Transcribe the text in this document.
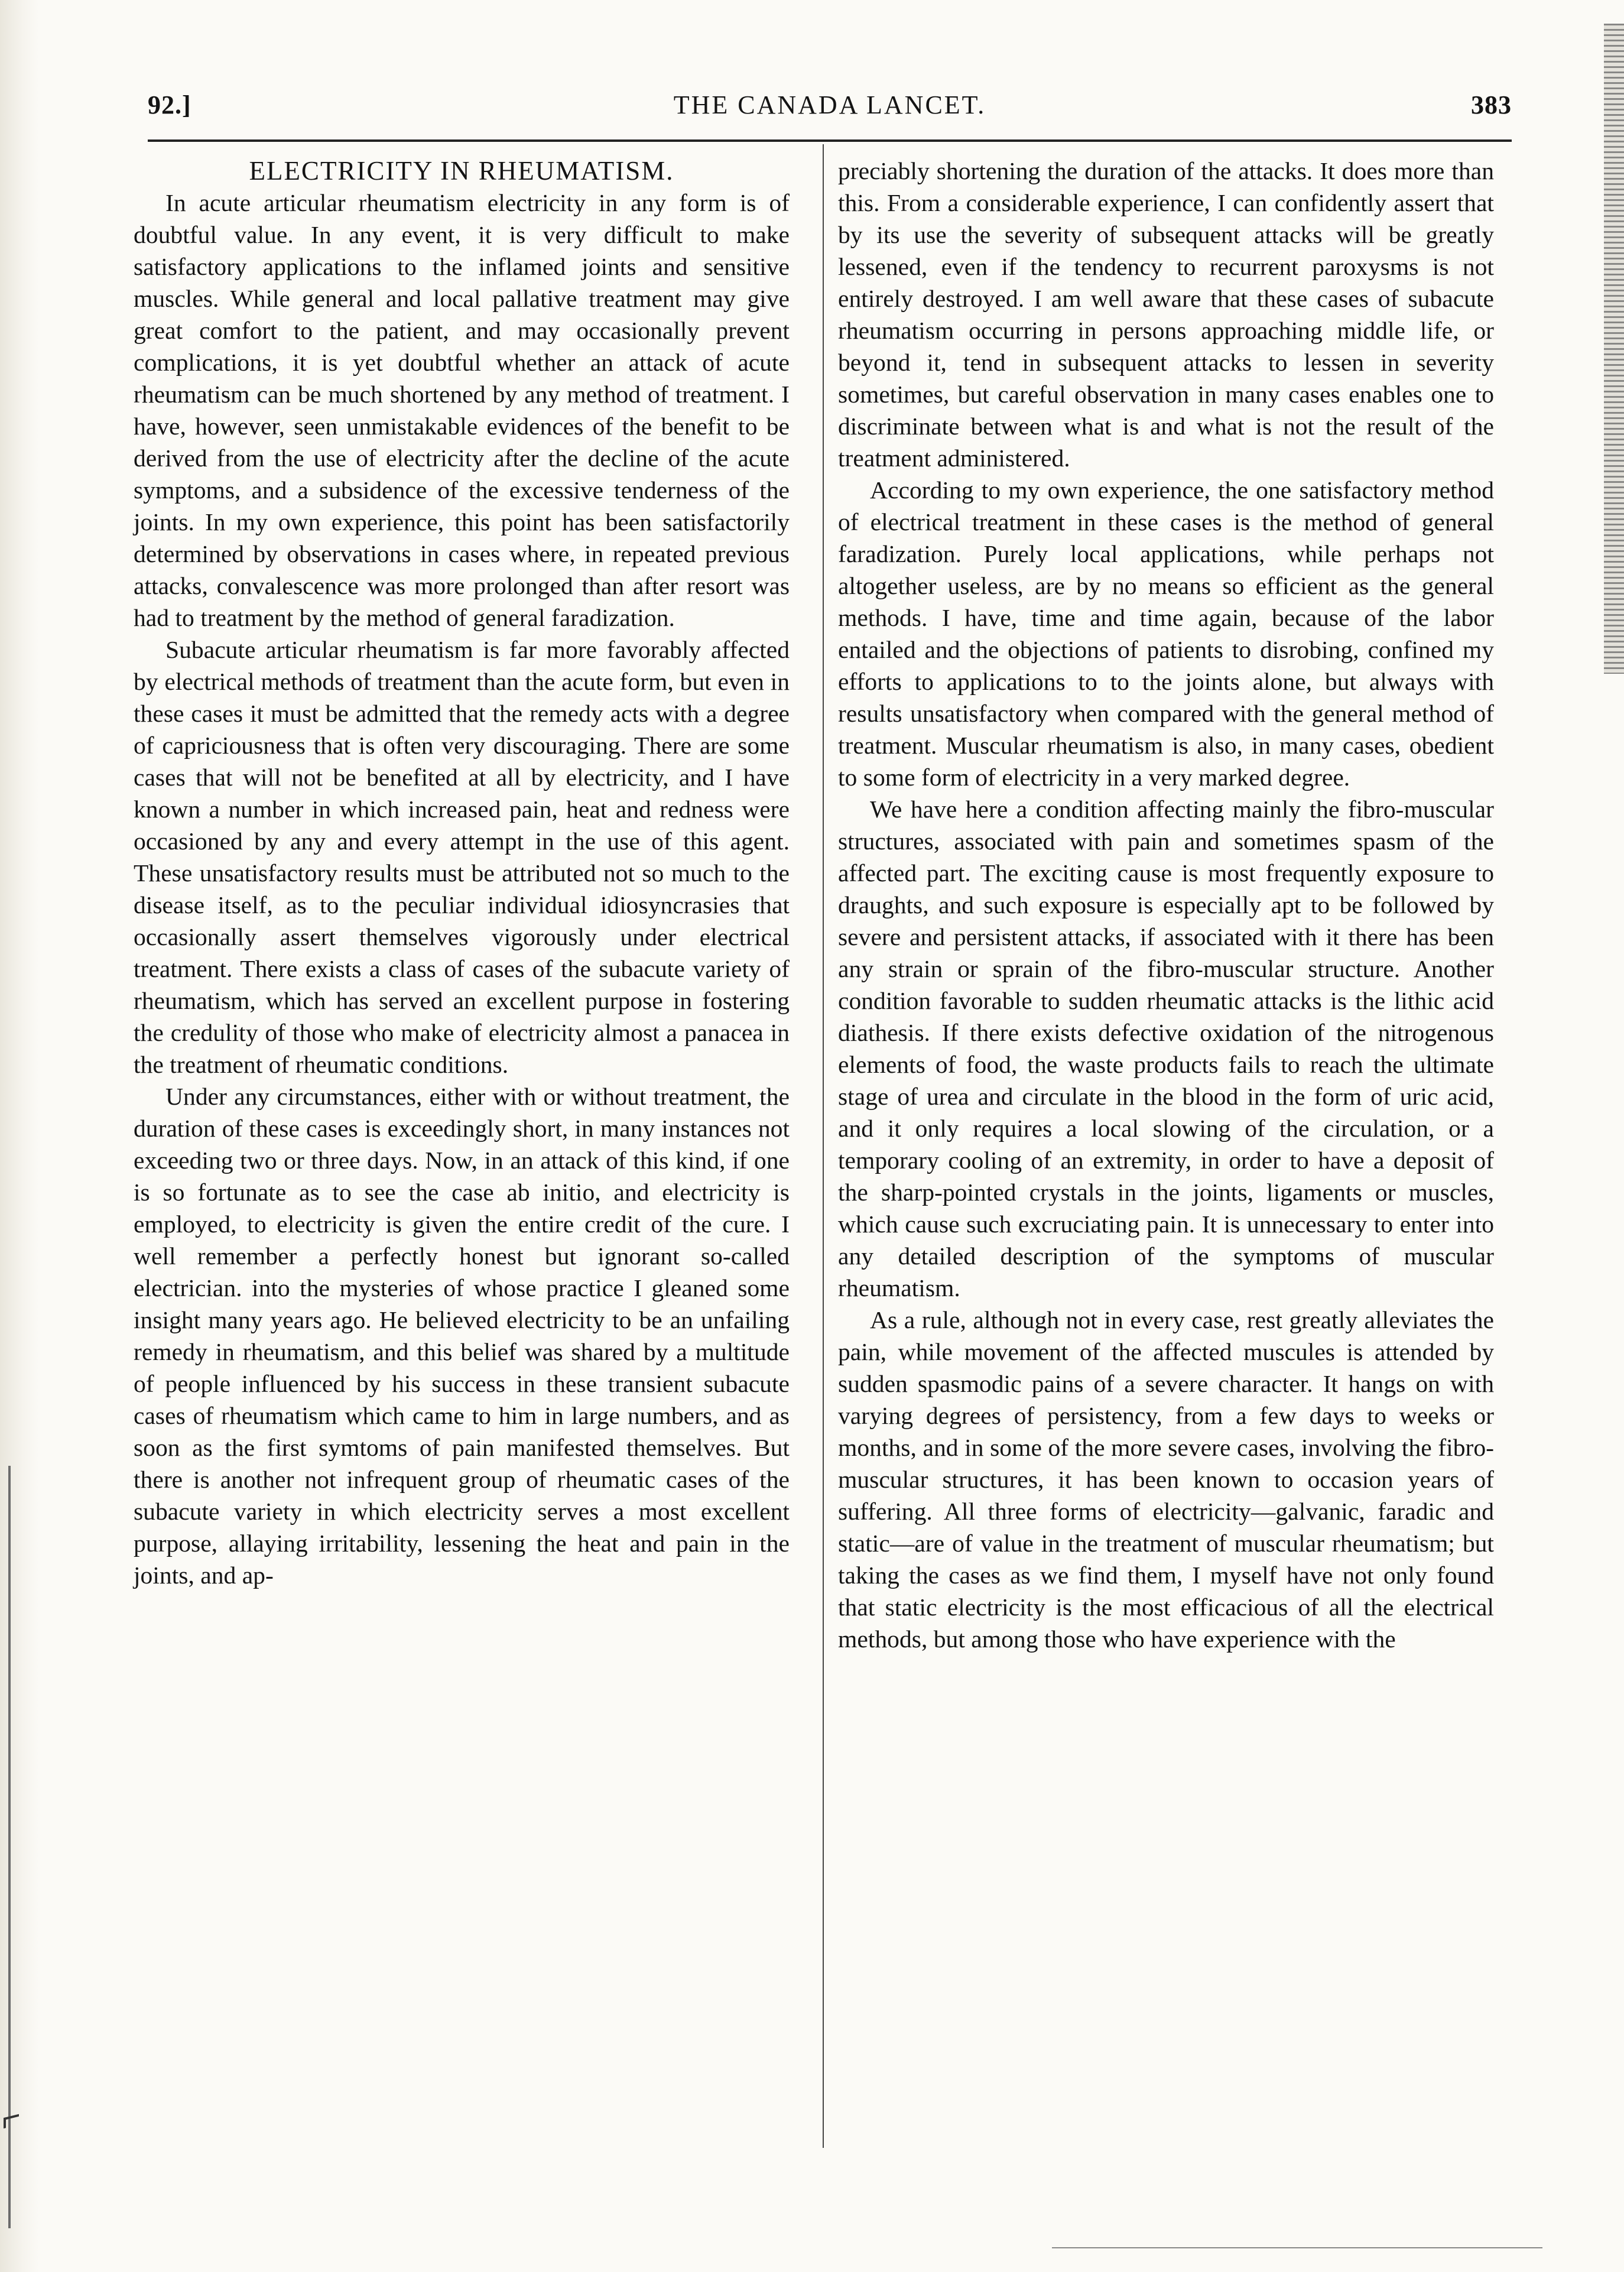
92.]	THE CANADA LANCET.	383

ELECTRICITY IN RHEUMATISM.

In acute articular rheumatism electricity in any form is of doubtful value. In any event, it is very difficult to make satisfactory applications to the inflamed joints and sensitive muscles. While general and local pallative treatment may give great comfort to the patient, and may occasionally prevent complications, it is yet doubtful whether an attack of acute rheumatism can be much shortened by any method of treatment. I have, however, seen unmistakable evidences of the benefit to be derived from the use of electricity after the decline of the acute symptoms, and a subsidence of the excessive tenderness of the joints. In my own experience, this point has been satisfactorily determined by observations in cases where, in repeated previous attacks, convalescence was more prolonged than after resort was had to treatment by the method of general faradization.

Subacute articular rheumatism is far more favorably affected by electrical methods of treatment than the acute form, but even in these cases it must be admitted that the remedy acts with a degree of capriciousness that is often very discouraging. There are some cases that will not be benefited at all by electricity, and I have known a number in which increased pain, heat and redness were occasioned by any and every attempt in the use of this agent. These unsatisfactory results must be attributed not so much to the disease itself, as to the peculiar individual idiosyncrasies that occasionally assert themselves vigorously under electrical treatment. There exists a class of cases of the subacute variety of rheumatism, which has served an excellent purpose in fostering the credulity of those who make of electricity almost a panacea in the treatment of rheumatic conditions.

Under any circumstances, either with or without treatment, the duration of these cases is exceedingly short, in many instances not exceeding two or three days. Now, in an attack of this kind, if one is so fortunate as to see the case ab initio, and electricity is employed, to electricity is given the entire credit of the cure. I well remember a perfectly honest but ignorant so-called electrician. into the mysteries of whose practice I gleaned some insight many years ago. He believed electricity to be an unfailing remedy in rheumatism, and this belief was shared by a multitude of people influenced by his success in these transient subacute cases of rheumatism which came to him in large numbers, and as soon as the first symtoms of pain manifested themselves. But there is another not infrequent group of rheumatic cases of the subacute variety in which electricity serves a most excellent purpose, allaying irritability, lessening the heat and pain in the joints, and ap-

preciably shortening the duration of the attacks. It does more than this. From a considerable experience, I can confidently assert that by its use the severity of subsequent attacks will be greatly lessened, even if the tendency to recurrent paroxysms is not entirely destroyed. I am well aware that these cases of subacute rheumatism occurring in persons approaching middle life, or beyond it, tend in subsequent attacks to lessen in severity sometimes, but careful observation in many cases enables one to discriminate between what is and what is not the result of the treatment administered.

According to my own experience, the one satisfactory method of electrical treatment in these cases is the method of general faradization. Purely local applications, while perhaps not altogether useless, are by no means so efficient as the general methods. I have, time and time again, because of the labor entailed and the objections of patients to disrobing, confined my efforts to applications to to the joints alone, but always with results unsatisfactory when compared with the general method of treatment. Muscular rheumatism is also, in many cases, obedient to some form of electricity in a very marked degree.

We have here a condition affecting mainly the fibro-muscular structures, associated with pain and sometimes spasm of the affected part. The exciting cause is most frequently exposure to draughts, and such exposure is especially apt to be followed by severe and persistent attacks, if associated with it there has been any strain or sprain of the fibro-muscular structure. Another condition favorable to sudden rheumatic attacks is the lithic acid diathesis. If there exists defective oxidation of the nitrogenous elements of food, the waste products fails to reach the ultimate stage of urea and circulate in the blood in the form of uric acid, and it only requires a local slowing of the circulation, or a temporary cooling of an extremity, in order to have a deposit of the sharp-pointed crystals in the joints, ligaments or muscles, which cause such excruciating pain. It is unnecessary to enter into any detailed description of the symptoms of muscular rheumatism.

As a rule, although not in every case, rest greatly alleviates the pain, while movement of the affected muscules is attended by sudden spasmodic pains of a severe character. It hangs on with varying degrees of persistency, from a few days to weeks or months, and in some of the more severe cases, involving the fibro-muscular structures, it has been known to occasion years of suffering. All three forms of electricity—galvanic, faradic and static—are of value in the treatment of muscular rheumatism; but taking the cases as we find them, I myself have not only found that static electricity is the most efficacious of all the electrical methods, but among those who have experience with the
